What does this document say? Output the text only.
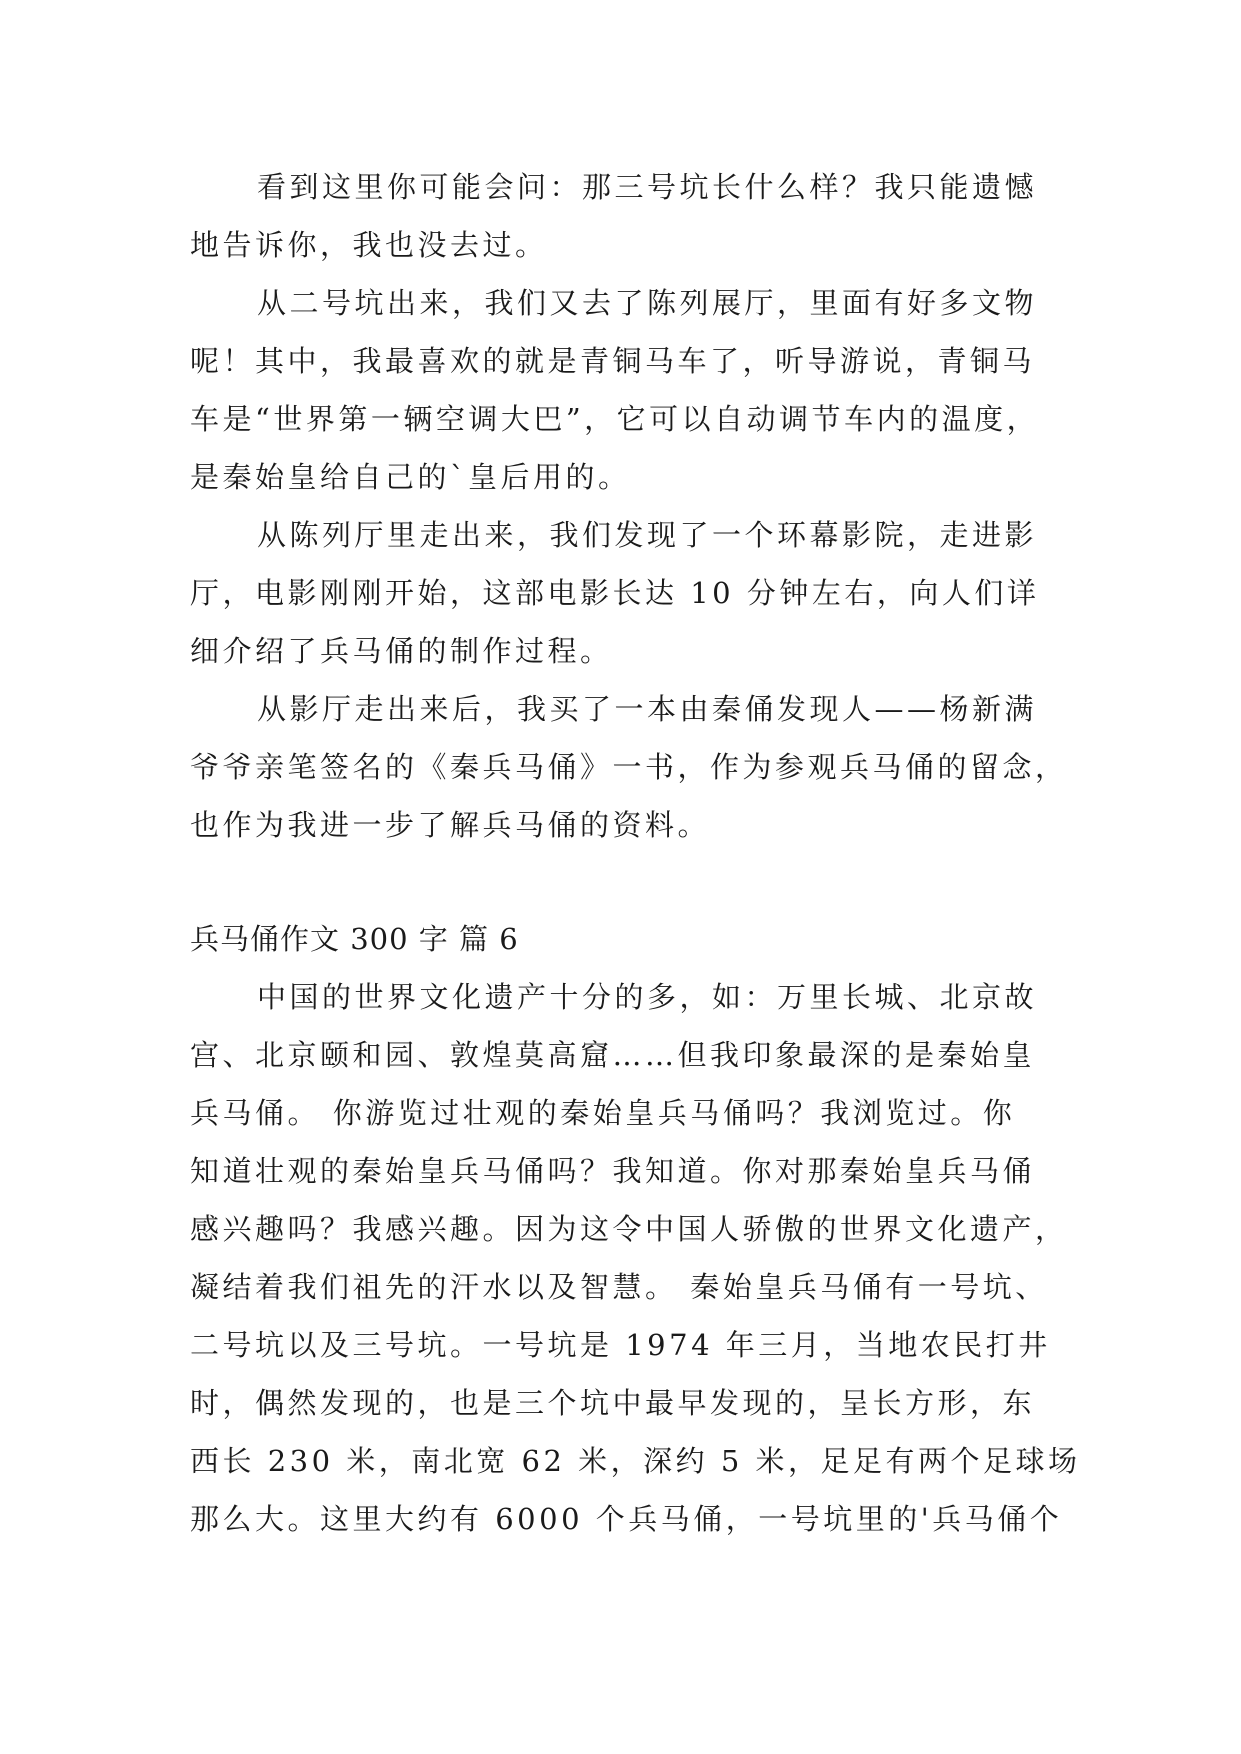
看到这里你可能会问：那三号坑长什么样？我只能遗憾
地告诉你，我也没去过。
从二号坑出来，我们又去了陈列展厅，里面有好多文物
呢！其中，我最喜欢的就是青铜马车了，听导游说，青铜马
车是“世界第一辆空调大巴”，它可以自动调节车内的温度，
是秦始皇给自己的`皇后用的。
从陈列厅里走出来，我们发现了一个环幕影院，走进影
厅，电影刚刚开始，这部电影长达 10 分钟左右，向人们详
细介绍了兵马俑的制作过程。
从影厅走出来后，我买了一本由秦俑发现人——杨新满
爷爷亲笔签名的《秦兵马俑》一书，作为参观兵马俑的留念，
也作为我进一步了解兵马俑的资料。
兵马俑作文 300 字 篇 6
中国的世界文化遗产十分的多，如：万里长城、北京故
宫、北京颐和园、敦煌莫高窟……但我印象最深的是秦始皇
兵马俑。 你游览过壮观的秦始皇兵马俑吗？我浏览过。你
知道壮观的秦始皇兵马俑吗？我知道。你对那秦始皇兵马俑
感兴趣吗？我感兴趣。因为这令中国人骄傲的世界文化遗产，
凝结着我们祖先的汗水以及智慧。 秦始皇兵马俑有一号坑、
二号坑以及三号坑。一号坑是 1974 年三月，当地农民打井
时，偶然发现的，也是三个坑中最早发现的，呈长方形，东
西长 230 米，南北宽 62 米，深约 5 米，足足有两个足球场
那么大。这里大约有 6000 个兵马俑，一号坑里的'兵马俑个
